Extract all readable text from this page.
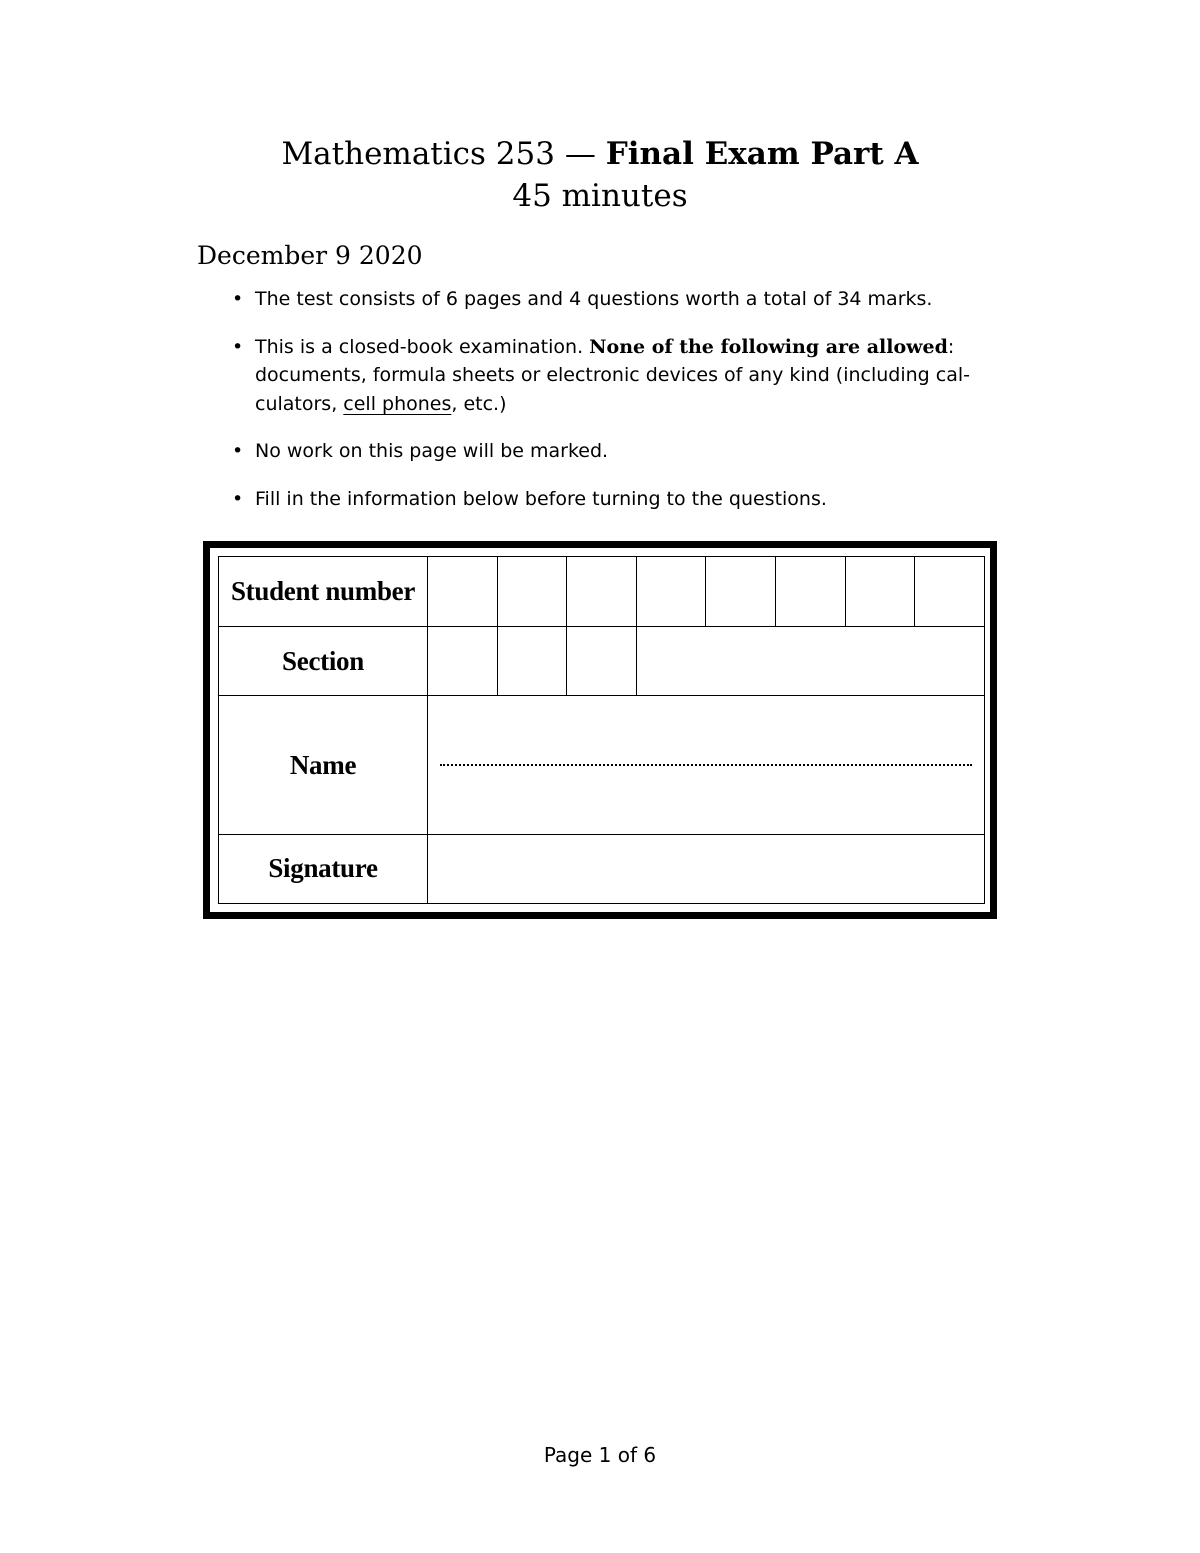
Mathematics 253 — Final Exam Part A
45 minutes
December 9 2020
• The test consists of 6 pages and 4 questions worth a total of 34 marks.
• This is a closed-book examination. None of the following are allowed: documents, formula sheets or electronic devices of any kind (including cal-culators, cell phones, etc.)
• No work on this page will be marked.
• Fill in the information below before turning to the questions.
Student number								
Section								
Name								

Signature								
Page 1 of 6
